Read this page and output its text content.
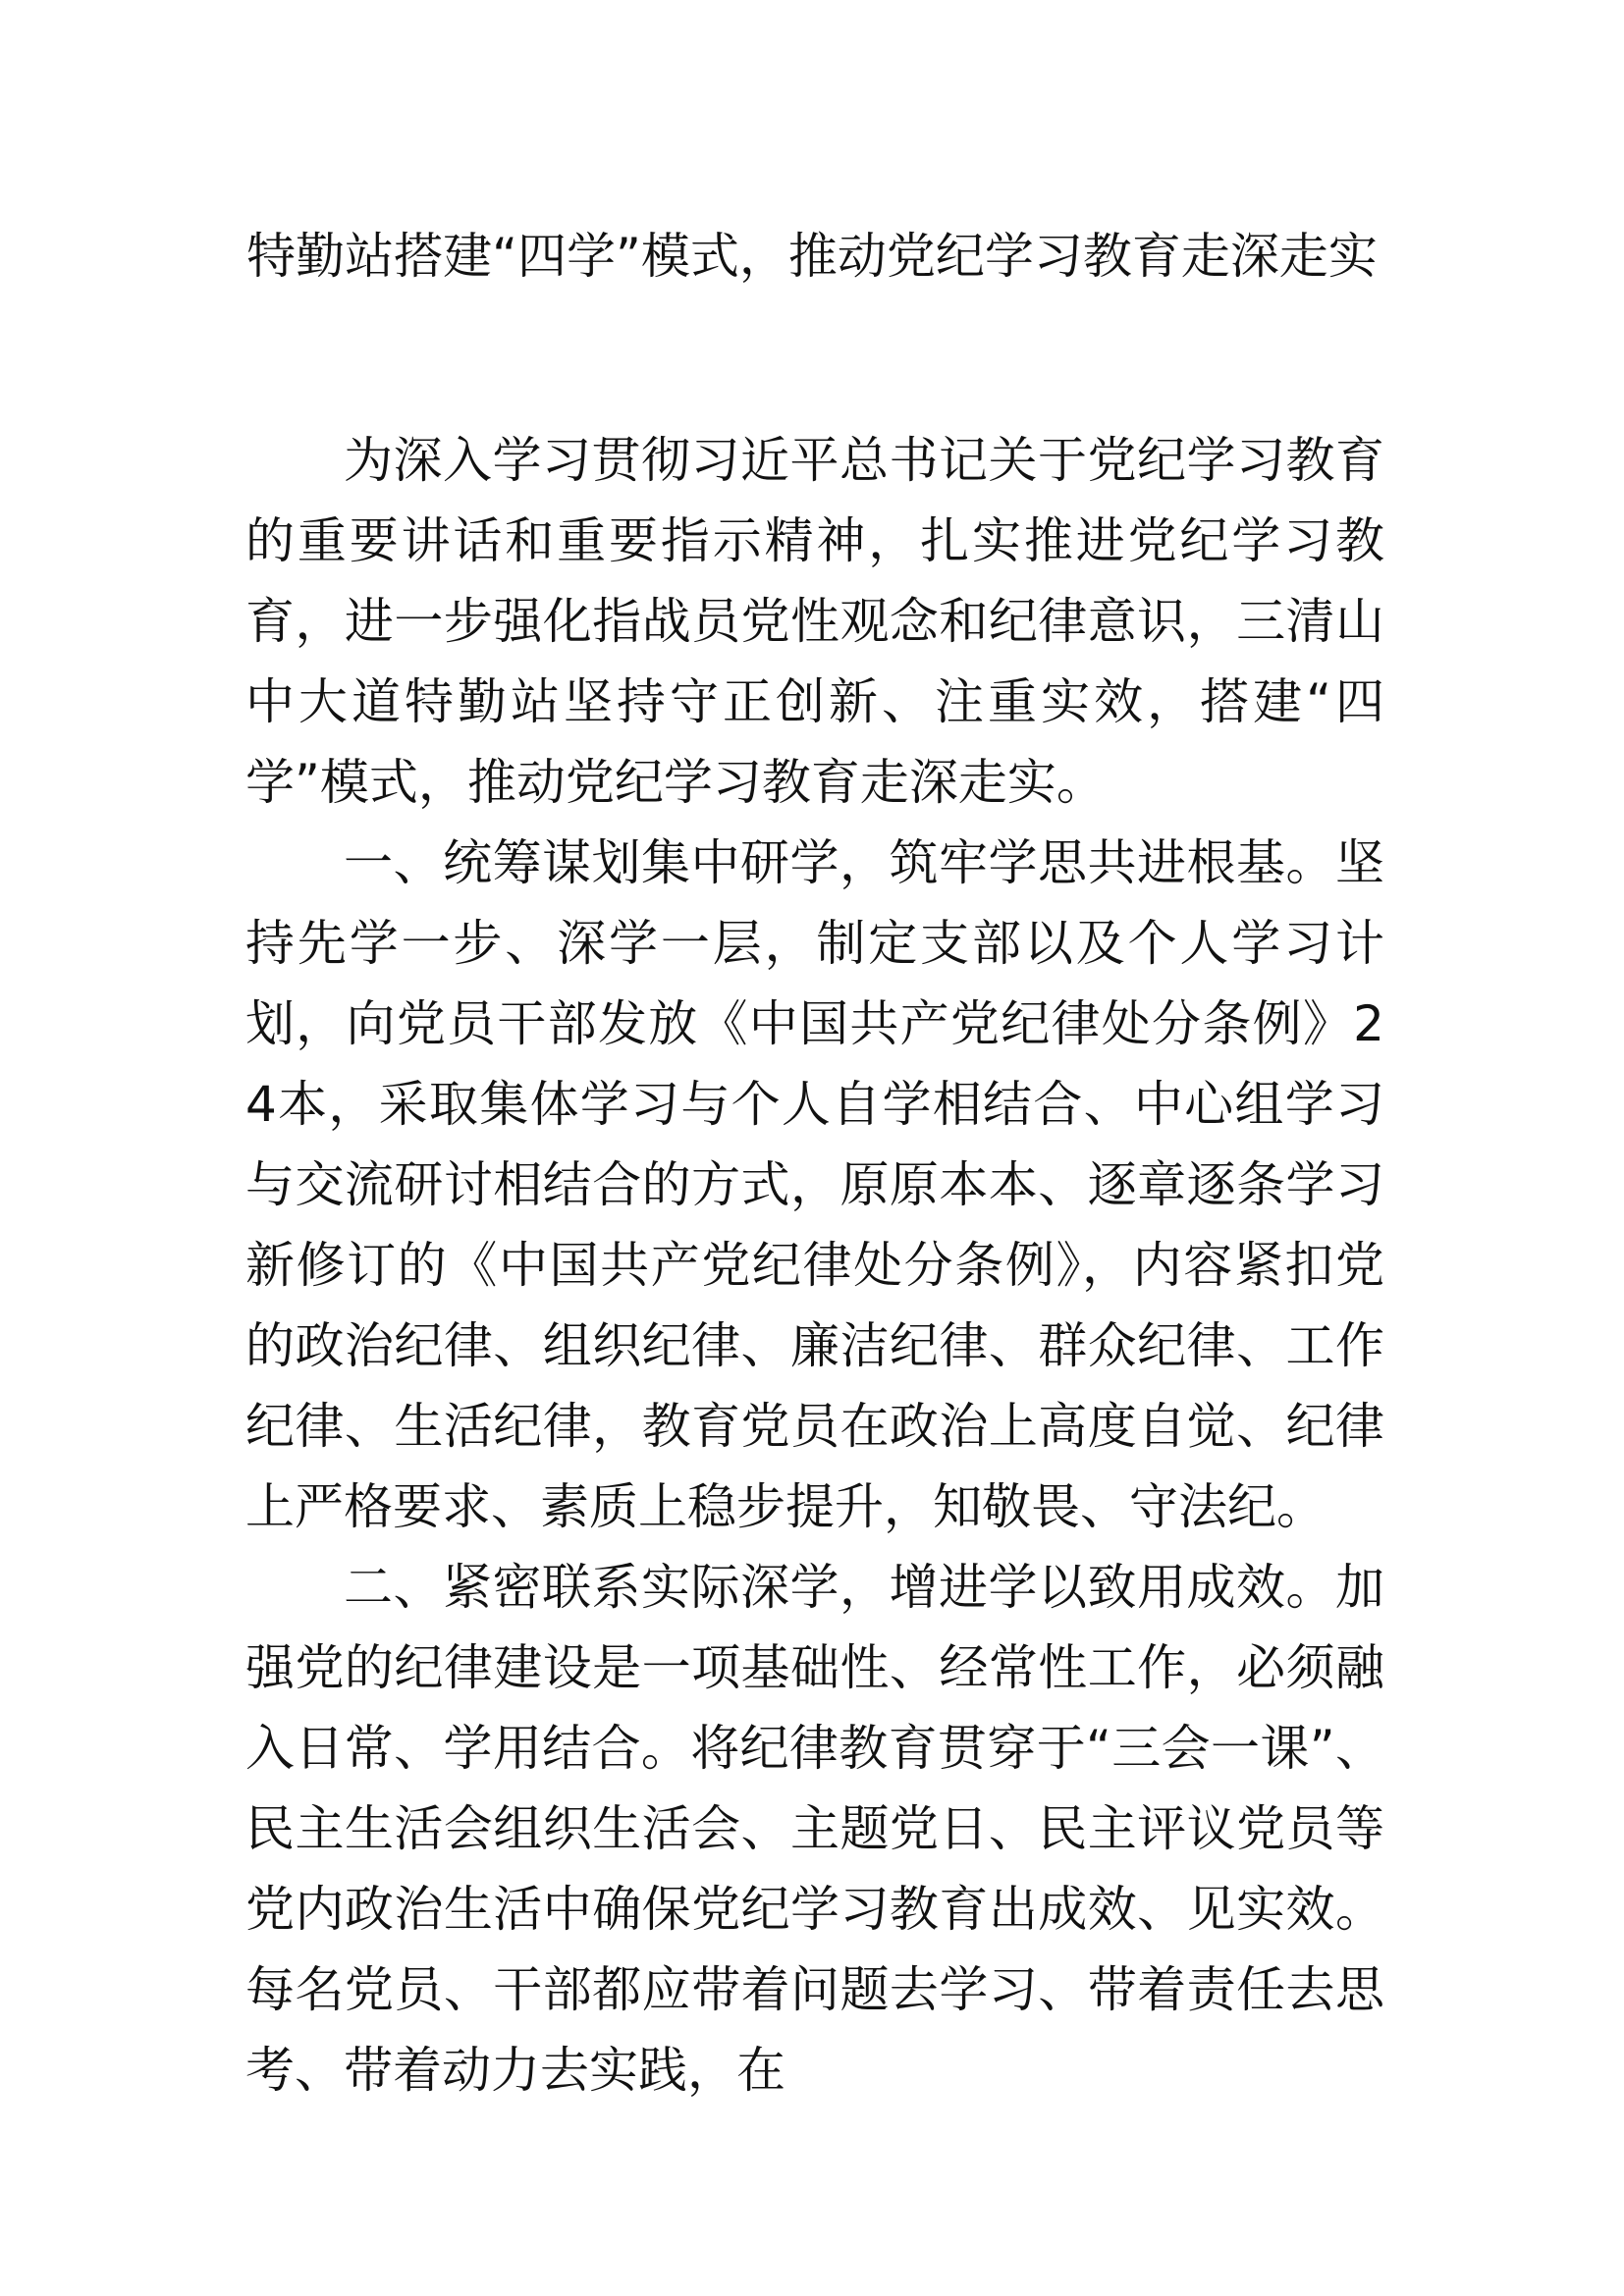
特勤站搭建“四学”模式，推动党纪学习教育走深走实

为深入学习贯彻习近平总书记关于党纪学习教育的重要讲话和重要指示精神，扎实推进党纪学习教育，进一步强化指战员党性观念和纪律意识，三清山中大道特勤站坚持守正创新、注重实效，搭建“四学”模式，推动党纪学习教育走深走实。

一、统筹谋划集中研学，筑牢学思共进根基。坚持先学一步、深学一层，制定支部以及个人学习计划，向党员干部发放《中国共产党纪律处分条例》24本，采取集体学习与个人自学相结合、中心组学习与交流研讨相结合的方式，原原本本、逐章逐条学习新修订的《中国共产党纪律处分条例》，内容紧扣党的政治纪律、组织纪律、廉洁纪律、群众纪律、工作纪律、生活纪律，教育党员在政治上高度自觉、纪律上严格要求、素质上稳步提升，知敬畏、守法纪。

二、紧密联系实际深学，增进学以致用成效。加强党的纪律建设是一项基础性、经常性工作，必须融入日常、学用结合。将纪律教育贯穿于“三会一课”、民主生活会组织生活会、主题党日、民主评议党员等党内政治生活中确保党纪学习教育出成效、见实效。每名党员、干部都应带着问题去学习、带着责任去思考、带着动力去实践，在
